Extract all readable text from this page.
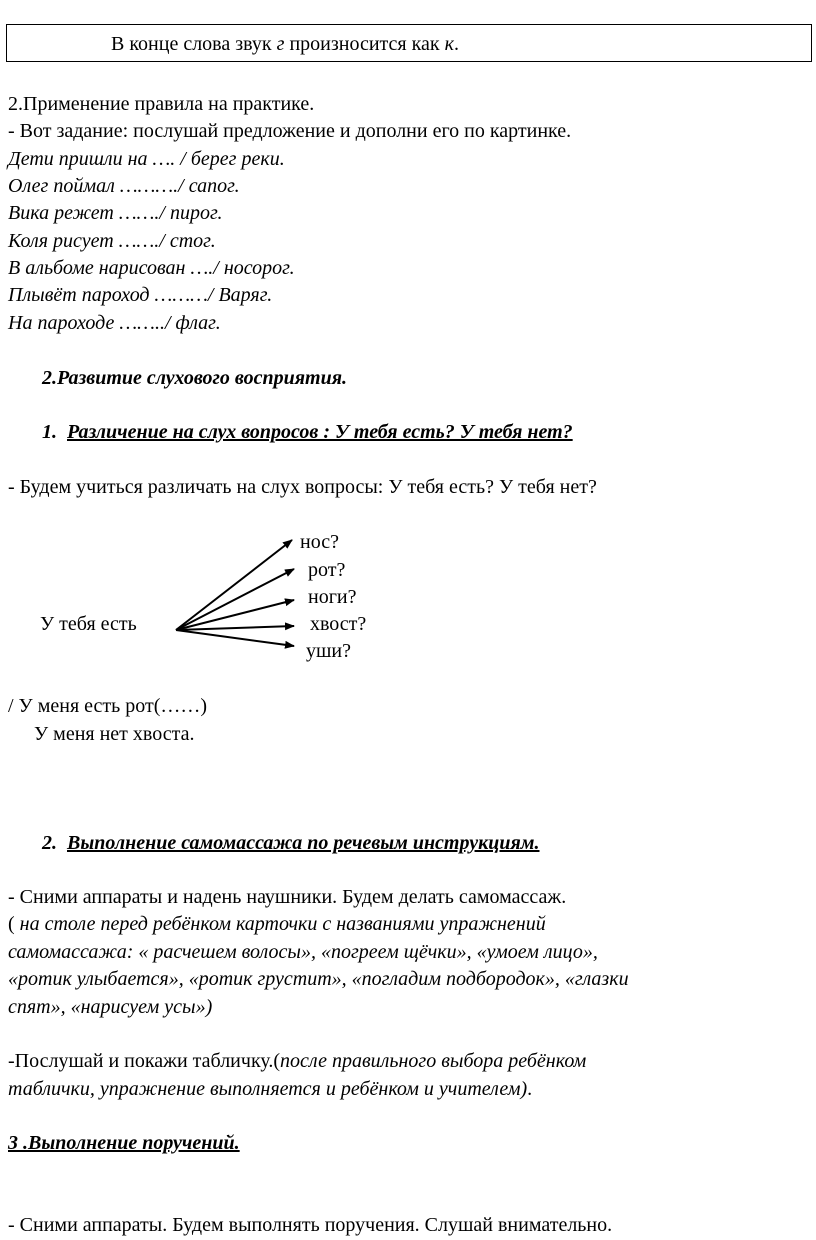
В конце слова звук г произносится как к.
2.Применение правила на практике.
- Вот задание: послушай предложение и дополни его по картинке.
Дети пришли на …. / берег реки.
Олег поймал ………./ сапог.
Вика режет ……./ пирог.
Коля рисует ……./ стог.
В альбоме нарисован …./ носорог.
Плывёт пароход ………/ Варяг.
На пароходе ……../ флаг.
2.Развитие слухового восприятия.
1. Различение на слух вопросов : У тебя есть? У тебя нет?
- Будем учиться различать на слух вопросы: У тебя есть? У тебя нет?
У тебя есть
нос?
рот?
ноги?
хвост?
уши?
/ У меня есть рот(……)
У меня нет хвоста.
2. Выполнение самомассажа по речевым инструкциям.
- Сними аппараты и надень наушники. Будем делать самомассаж.
( на столе перед ребёнком карточки с названиями упражнений
самомассажа: « расчешем волосы», «погреем щёчки», «умоем лицо»,
«ротик улыбается», «ротик грустит», «погладим подбородок», «глазки
спят», «нарисуем усы»)
-Послушай и покажи табличку.(после правильного выбора ребёнком
таблички, упражнение выполняется и ребёнком и учителем).
3 .Выполнение поручений.
- Сними аппараты. Будем выполнять поручения. Слушай внимательно.
